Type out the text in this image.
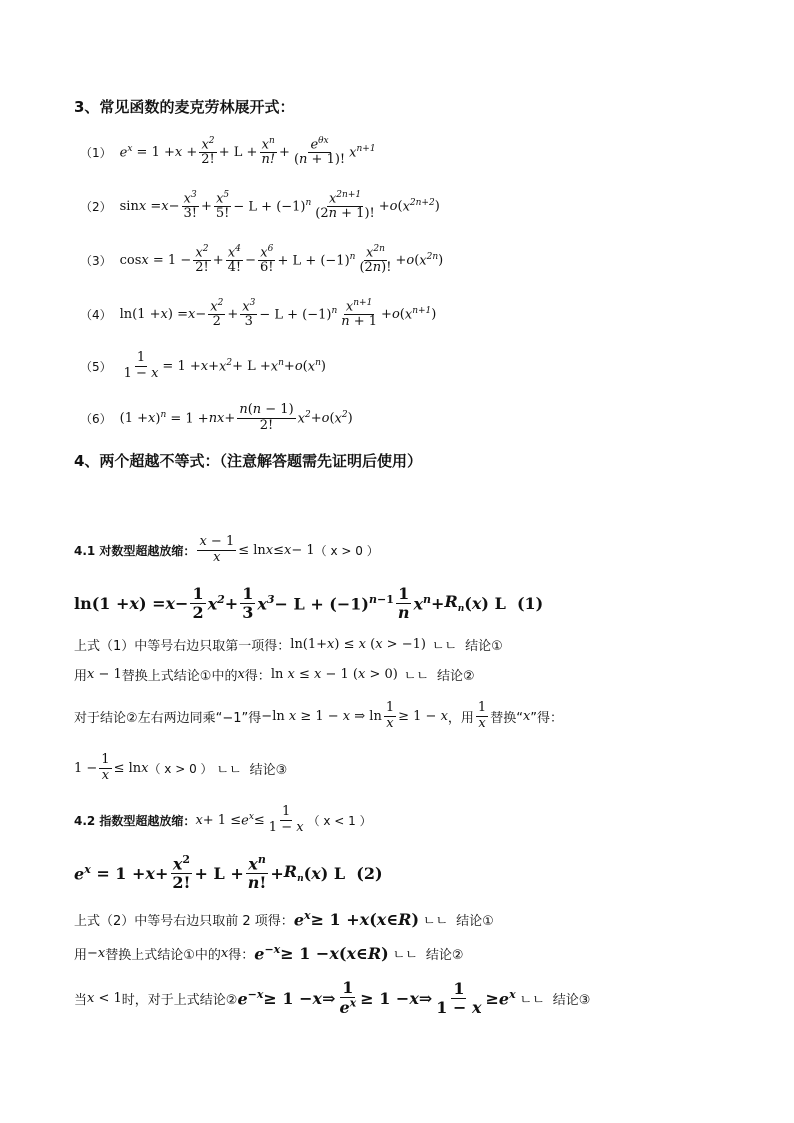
3、常见函数的麦克劳林展开式：
（1） $e^x = 1 + x + \frac{x^2}{2!} + L + \frac{x^n}{n!} + \frac{e^{\theta x}}{(n + 1)!} x^{n+1}$
（2） $\sin x = x - \frac{x^3}{3!} + \frac{x^5}{5!} - L + (-1)^n \frac{x^{2n+1}}{(2n + 1)!} + o$ ( $x^{2n+2}$ )
（3） $\cos x = 1 - \frac{x^2}{2!} + \frac{x^4}{4!} - \frac{x^6}{6!} + L + (-1)^n \frac{x^{2n}}{(2n)!} + o$ ( $x^{2n}$ )
（4） ln(1 + x ) = $x - \frac{x^2}{2} + \frac{x^3}{3} - L + (-1)^n \frac{x^{n+1}}{n + 1} + o$ ( $x^{n+1}$ )
$(5) \frac{1}{1 - x} = 1 + x + x^2 + L + x^n + o$ ( $x^n$ )
（6） (1 + x )$^n$ = 1 + nx + $\frac{n(n - 1)}{2!} x^2 + o$ ( $x^2$ )
4、两个超越不等式：（注意解答题需先证明后使用）
4.1 对数型超越放缩： $\frac{x - 1}{x} \le \ln x \le x - 1$ （ x > 0 ）
ln(1 + x ) = $x - \frac{1}{2} x^2 + \frac{1}{3} x^3 - L + (-1)^{n-1} \frac{1}{n} x^n + R_n$ ( x ) L (1)
上式（1）中等号右边只取第一项得： ln(1+x) ≤ x (x > −1) ㄴㄴ 结论①
用 x − 1 替换上式结论①中的 x 得： ln x ≤ x − 1 (x > 0) ㄴㄴ 结论②
对于结论②左右两边同乘“−1”得 −ln x ≥ 1 − x ⇒ $\ln \frac{1}{x} \ge 1 - x$ ，用 $\frac{1}{x}$ 替换“ x ”得：
$1 - \frac{1}{x} \le \ln x$ （ x > 0 ） ㄴㄴ 结论③
4.2 指数型超越放缩： $x + 1 \le e^x \le \frac{1}{1 - x}$ （ x < 1 ）
$e^x = 1 + x + \frac{x^2}{2!} + L + \frac{x^n}{n!} + R_n$ ( x ) L (2)
上式（2）中等号右边只取前 2 项得： $e^x \ge 1 + x$ ( x ∈ R ) ㄴㄴ 结论①
用 −x 替换上式结论①中的 x 得： $e^{-x} \ge 1 - x$ ( x ∈ R ) ㄴㄴ 结论②
当 x < 1 时，对于上式结论② $e^{-x} \ge 1 - x$ ⇒ $\frac{1}{e^x} \ge 1 - x$ ⇒ $\frac{1}{1 - x} \ge e^x$ ㄴㄴ 结论③
